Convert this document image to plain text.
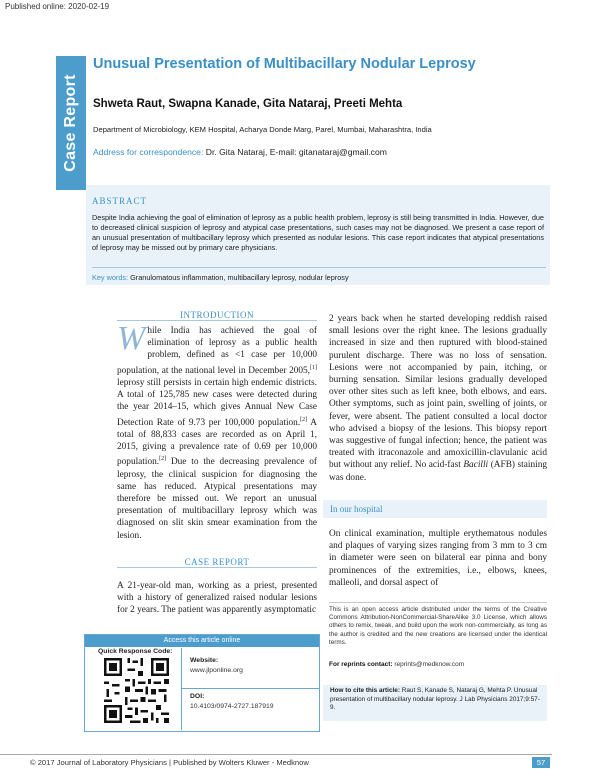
Published online: 2020-02-19
Case Report
Unusual Presentation of Multibacillary Nodular Leprosy
Shweta Raut, Swapna Kanade, Gita Nataraj, Preeti Mehta
Department of Microbiology, KEM Hospital, Acharya Donde Marg, Parel, Mumbai, Maharashtra, India
Address for correspondence: Dr. Gita Nataraj, E-mail: gitanataraj@gmail.com
ABSTRACT
Despite India achieving the goal of elimination of leprosy as a public health problem, leprosy is still being transmitted in India. However, due to decreased clinical suspicion of leprosy and atypical case presentations, such cases may not be diagnosed. We present a case report of an unusual presentation of multibacillary leprosy which presented as nodular lesions. This case report indicates that atypical presentations of leprosy may be missed out by primary care physicians.
Key words: Granulomatous inflammation, multibacillary leprosy, nodular leprosy
INTRODUCTION
While India has achieved the goal of elimination of leprosy as a public health problem, defined as <1 case per 10,000 population, at the national level in December 2005,[1] leprosy still persists in certain high endemic districts. A total of 125,785 new cases were detected during the year 2014–15, which gives Annual New Case Detection Rate of 9.73 per 100,000 population.[2] A total of 88,833 cases are recorded as on April 1, 2015, giving a prevalence rate of 0.69 per 10,000 population.[2] Due to the decreasing prevalence of leprosy, the clinical suspicion for diagnosing the same has reduced. Atypical presentations may therefore be missed out. We report an unusual presentation of multibacillary leprosy which was diagnosed on slit skin smear examination from the lesion.
CASE REPORT
A 21-year-old man, working as a priest, presented with a history of generalized raised nodular lesions for 2 years. The patient was apparently asymptomatic
2 years back when he started developing reddish raised small lesions over the right knee. The lesions gradually increased in size and then ruptured with blood-stained purulent discharge. There was no loss of sensation. Lesions were not accompanied by pain, itching, or burning sensation. Similar lesions gradually developed over other sites such as left knee, both elbows, and ears. Other symptoms, such as joint pain, swelling of joints, or fever, were absent. The patient consulted a local doctor who advised a biopsy of the lesions. This biopsy report was suggestive of fungal infection; hence, the patient was treated with itraconazole and amoxicillin-clavulanic acid but without any relief. No acid-fast Bacilli (AFB) staining was done.
In our hospital
On clinical examination, multiple erythematous nodules and plaques of varying sizes ranging from 3 mm to 3 cm in diameter were seen on bilateral ear pinna and bony prominences of the extremities, i.e., elbows, knees, malleoli, and dorsal aspect of
This is an open access article distributed under the terms of the Creative Commons Attribution-NonCommercial-ShareAlike 3.0 License, which allows others to remix, tweak, and build upon the work non-commercially, as long as the author is credited and the new creations are licensed under the identical terms.
For reprints contact: reprints@medknow.com
How to cite this article: Raut S, Kanade S, Nataraj G, Mehta P. Unusual presentation of multibacillary nodular leprosy. J Lab Physicians 2017;9:57-9.
Access this article online
Quick Response Code:
Website:
www.jlponline.org
DOI:
10.4103/0974-2727.187919
© 2017 Journal of Laboratory Physicians | Published by Wolters Kluwer - Medknow	57
